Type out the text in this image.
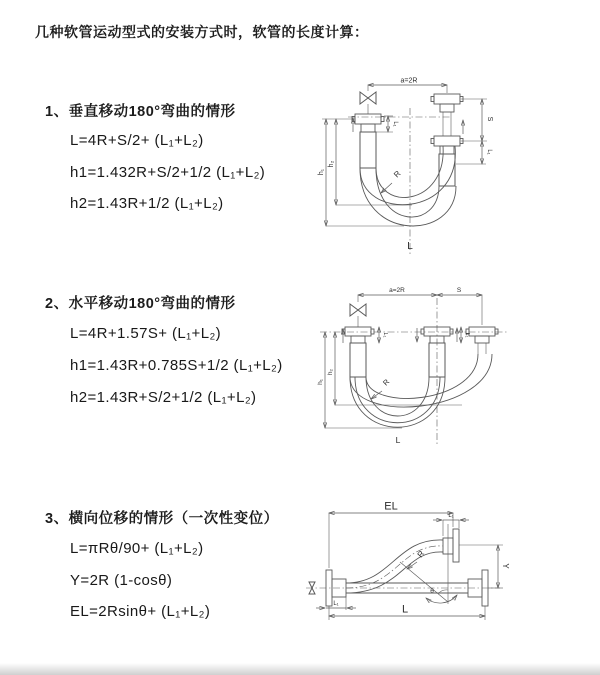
几种软管运动型式的安装方式时，软管的长度计算：
1、垂直移动180°弯曲的情形
L=4R+S/2+ (L₁+L₂)
h1=1.432R+S/2+1/2 (L₁+L₂)
h2=1.43R+1/2 (L₁+L₂)
a=2R
S
L₁
L₁
h₁
h₂
R
L
2、水平移动180°弯曲的情形
L=4R+1.57S+ (L₁+L₂)
h1=1.43R+0.785S+1/2 (L₁+L₂)
h2=1.43R+S/2+1/2 (L₁+L₂)
a=2R	S
L₁	L₁
h₁
h₂
R
L
3、横向位移的情形（一次性变位）
L=πRθ/90+ (L₁+L₂)
Y=2R (1-cosθ)
EL=2Rsinθ+ (L₁+L₂)
θ
EL
L₁
Y
R
L
L₁
